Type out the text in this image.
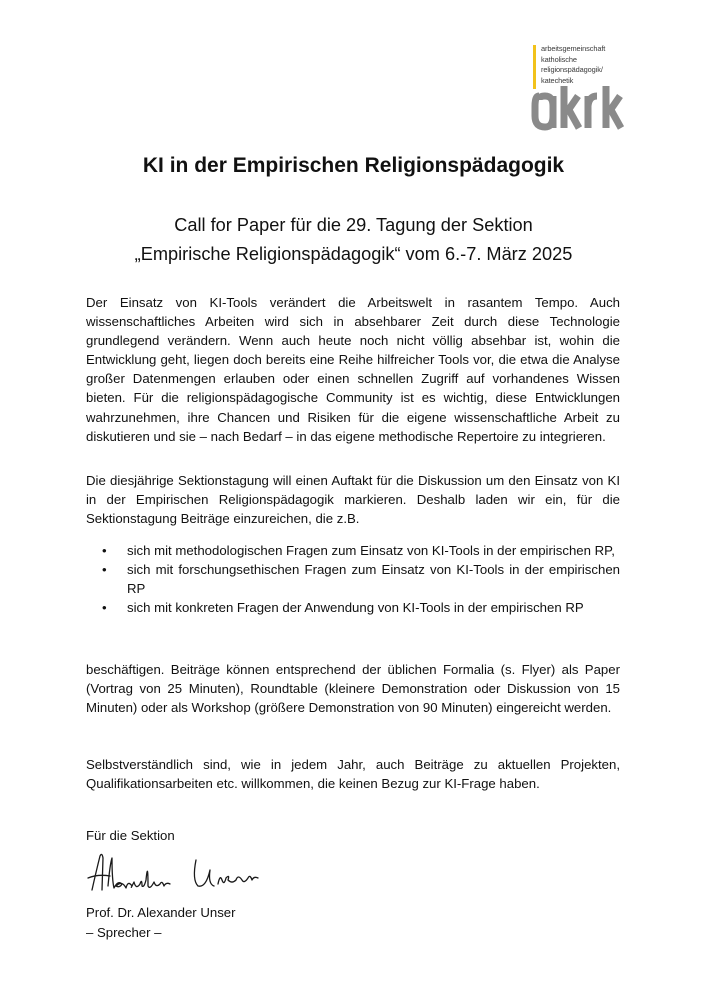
arbeitsgemeinschaft
katholische
religionspädagogik/
katechetik
KI in der Empirischen Religionspädagogik
Call for Paper für die 29. Tagung der Sektion
„Empirische Religionspädagogik“ vom 6.-7. März 2025

Der Einsatz von KI-Tools verändert die Arbeitswelt in rasantem Tempo. Auch wissenschaftliches Arbeiten wird sich in absehbarer Zeit durch diese Technologie grundlegend verändern. Wenn auch heute noch nicht völlig absehbar ist, wohin die Entwicklung geht, liegen doch bereits eine Reihe hilfreicher Tools vor, die etwa die Analyse großer Datenmengen erlauben oder einen schnellen Zugriff auf vorhandenes Wissen bieten. Für die religionspädagogische Community ist es wichtig, diese Entwicklungen wahrzunehmen, ihre Chancen und Risiken für die eigene wissenschaftliche Arbeit zu diskutieren und sie – nach Bedarf – in das eigene methodische Repertoire zu integrieren.

Die diesjährige Sektionstagung will einen Auftakt für die Diskussion um den Einsatz von KI in der Empirischen Religionspädagogik markieren. Deshalb laden wir ein, für die Sektionstagung Beiträge einzureichen, die z.B.

• sich mit methodologischen Fragen zum Einsatz von KI-Tools in der empirischen RP,
• sich mit forschungsethischen Fragen zum Einsatz von KI-Tools in der empirischen RP
• sich mit konkreten Fragen der Anwendung von KI-Tools in der empirischen RP

beschäftigen. Beiträge können entsprechend der üblichen Formalia (s. Flyer) als Paper (Vortrag von 25 Minuten), Roundtable (kleinere Demonstration oder Diskussion von 15 Minuten) oder als Workshop (größere Demonstration von 90 Minuten) eingereicht werden.

Selbstverständlich sind, wie in jedem Jahr, auch Beiträge zu aktuellen Projekten, Qualifikationsarbeiten etc. willkommen, die keinen Bezug zur KI-Frage haben.

Für die Sektion
Prof. Dr. Alexander Unser
– Sprecher –
